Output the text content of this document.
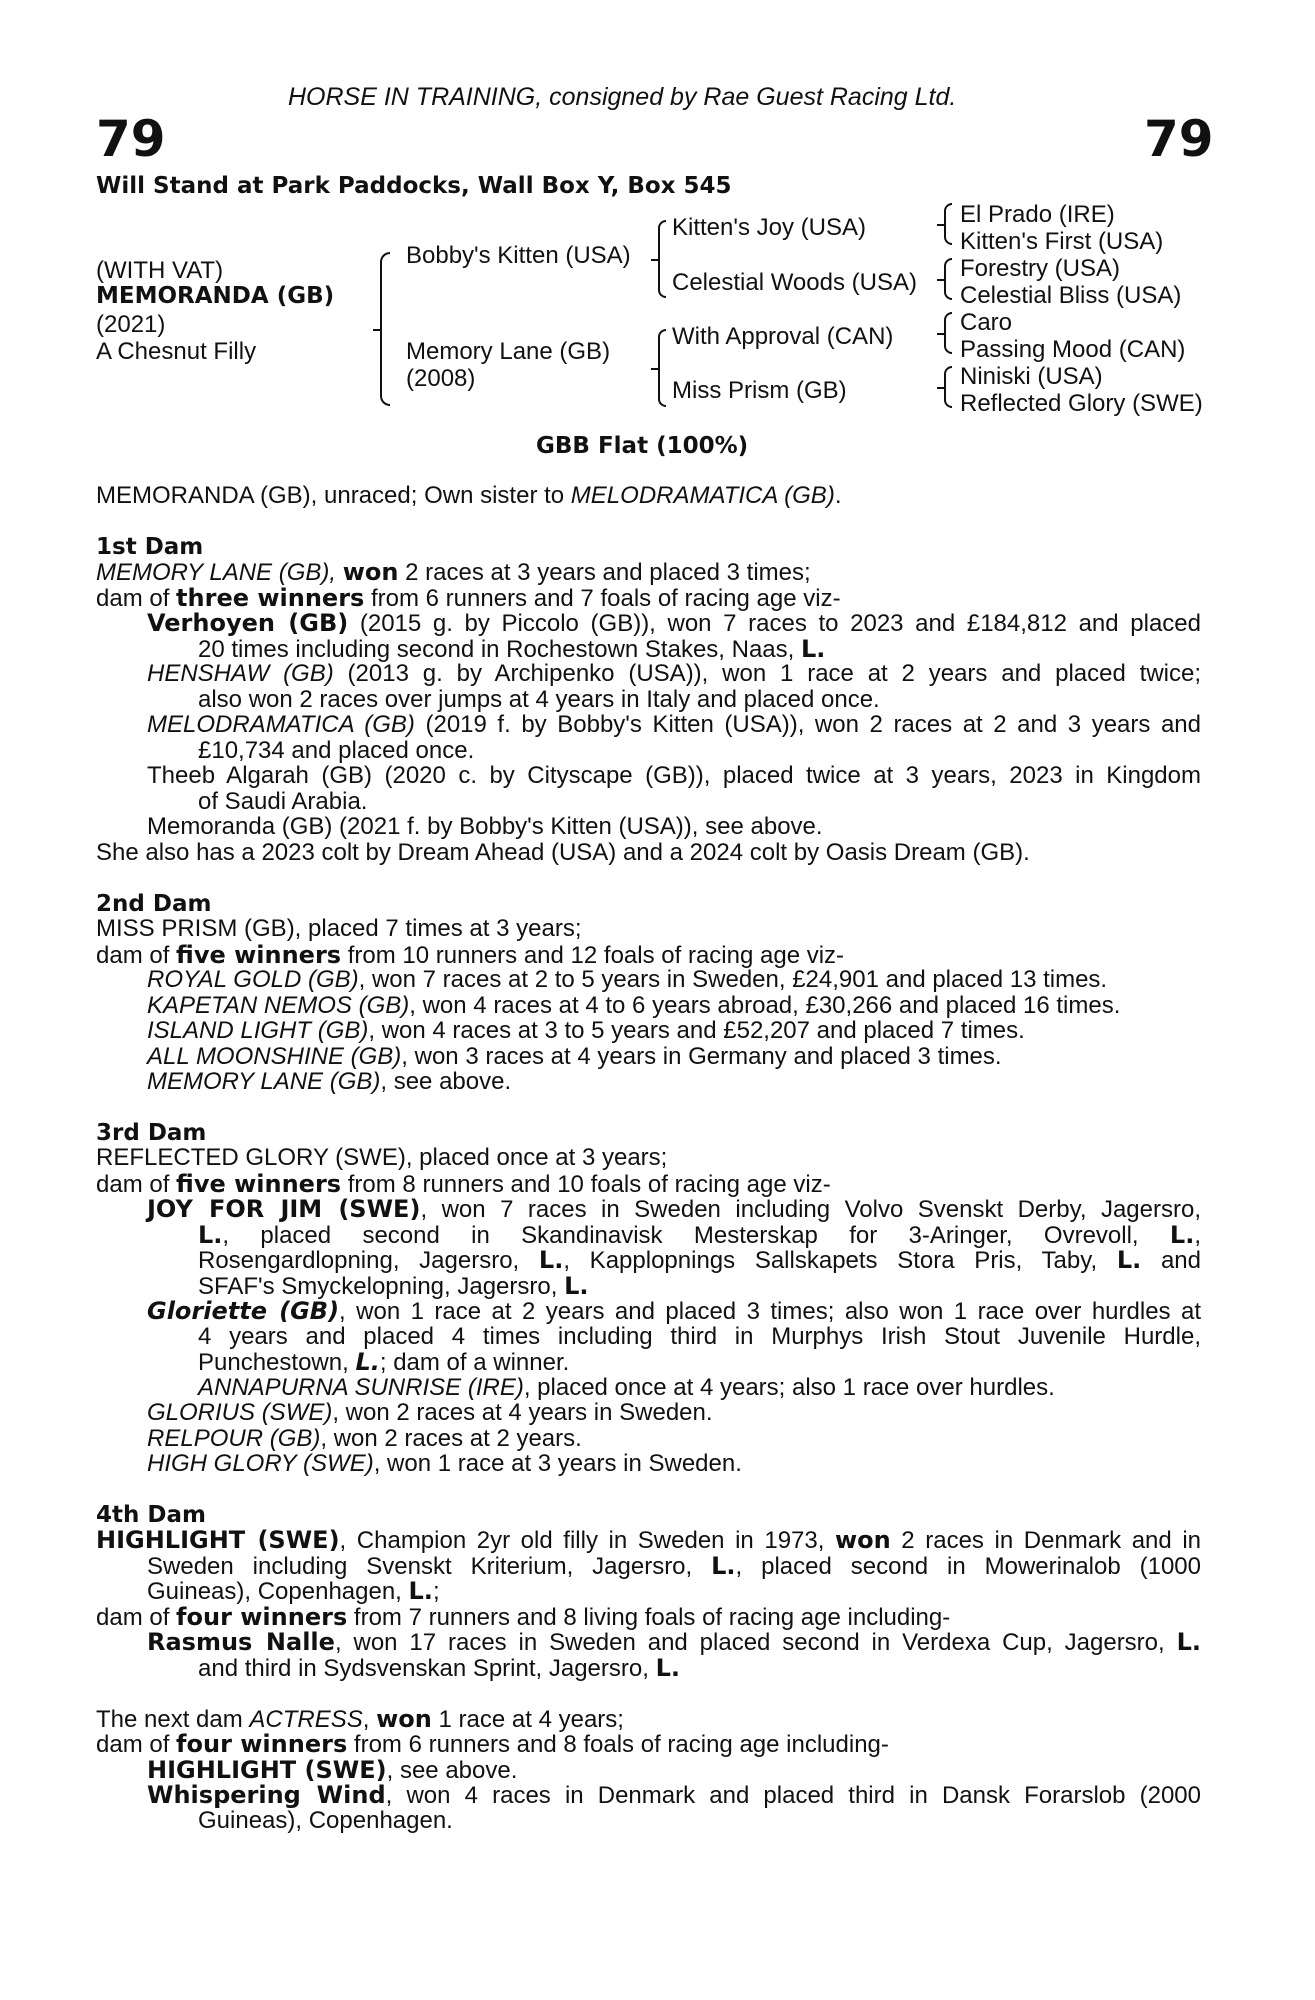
HORSE IN TRAINING, consigned by Rae Guest Racing Ltd.
79	79
Will Stand at Park Paddocks, Wall Box Y, Box 545
(WITH VAT)
MEMORANDA (GB)
(2021)
A Chesnut Filly
Bobby's Kitten (USA)
Memory Lane (GB)
(2008)
Kitten's Joy (USA)
Celestial Woods (USA)
With Approval (CAN)
Miss Prism (GB)
El Prado (IRE)
Kitten's First (USA)
Forestry (USA)
Celestial Bliss (USA)
Caro
Passing Mood (CAN)
Niniski (USA)
Reflected Glory (SWE)
GBB Flat (100%)
MEMORANDA (GB), unraced; Own sister to MELODRAMATICA (GB).
1st Dam
MEMORY LANE (GB), won 2 races at 3 years and placed 3 times;
dam of three winners from 6 runners and 7 foals of racing age viz-
Verhoyen (GB) (2015 g. by Piccolo (GB)), won 7 races to 2023 and £184,812 and placed
20 times including second in Rochestown Stakes, Naas, L.
HENSHAW (GB) (2013 g. by Archipenko (USA)), won 1 race at 2 years and placed twice;
also won 2 races over jumps at 4 years in Italy and placed once.
MELODRAMATICA (GB) (2019 f. by Bobby's Kitten (USA)), won 2 races at 2 and 3 years and
£10,734 and placed once.
Theeb Algarah (GB) (2020 c. by Cityscape (GB)), placed twice at 3 years, 2023 in Kingdom
of Saudi Arabia.
Memoranda (GB) (2021 f. by Bobby's Kitten (USA)), see above.
She also has a 2023 colt by Dream Ahead (USA) and a 2024 colt by Oasis Dream (GB).
2nd Dam
MISS PRISM (GB), placed 7 times at 3 years;
dam of five winners from 10 runners and 12 foals of racing age viz-
ROYAL GOLD (GB), won 7 races at 2 to 5 years in Sweden, £24,901 and placed 13 times.
KAPETAN NEMOS (GB), won 4 races at 4 to 6 years abroad, £30,266 and placed 16 times.
ISLAND LIGHT (GB), won 4 races at 3 to 5 years and £52,207 and placed 7 times.
ALL MOONSHINE (GB), won 3 races at 4 years in Germany and placed 3 times.
MEMORY LANE (GB), see above.
3rd Dam
REFLECTED GLORY (SWE), placed once at 3 years;
dam of five winners from 8 runners and 10 foals of racing age viz-
JOY FOR JIM (SWE), won 7 races in Sweden including Volvo Svenskt Derby, Jagersro,
L., placed second in Skandinavisk Mesterskap for 3-Aringer, Ovrevoll, L.,
Rosengardlopning, Jagersro, L., Kapplopnings Sallskapets Stora Pris, Taby, L. and
SFAF's Smyckelopning, Jagersro, L.
Gloriette (GB), won 1 race at 2 years and placed 3 times; also won 1 race over hurdles at
4 years and placed 4 times including third in Murphys Irish Stout Juvenile Hurdle,
Punchestown, L.; dam of a winner.
ANNAPURNA SUNRISE (IRE), placed once at 4 years; also 1 race over hurdles.
GLORIUS (SWE), won 2 races at 4 years in Sweden.
RELPOUR (GB), won 2 races at 2 years.
HIGH GLORY (SWE), won 1 race at 3 years in Sweden.
4th Dam
HIGHLIGHT (SWE), Champion 2yr old filly in Sweden in 1973, won 2 races in Denmark and in
Sweden including Svenskt Kriterium, Jagersro, L., placed second in Mowerinalob (1000
Guineas), Copenhagen, L.;
dam of four winners from 7 runners and 8 living foals of racing age including-
Rasmus Nalle, won 17 races in Sweden and placed second in Verdexa Cup, Jagersro, L.
and third in Sydsvenskan Sprint, Jagersro, L.
The next dam ACTRESS, won 1 race at 4 years;
dam of four winners from 6 runners and 8 foals of racing age including-
HIGHLIGHT (SWE), see above.
Whispering Wind, won 4 races in Denmark and placed third in Dansk Forarslob (2000
Guineas), Copenhagen.
